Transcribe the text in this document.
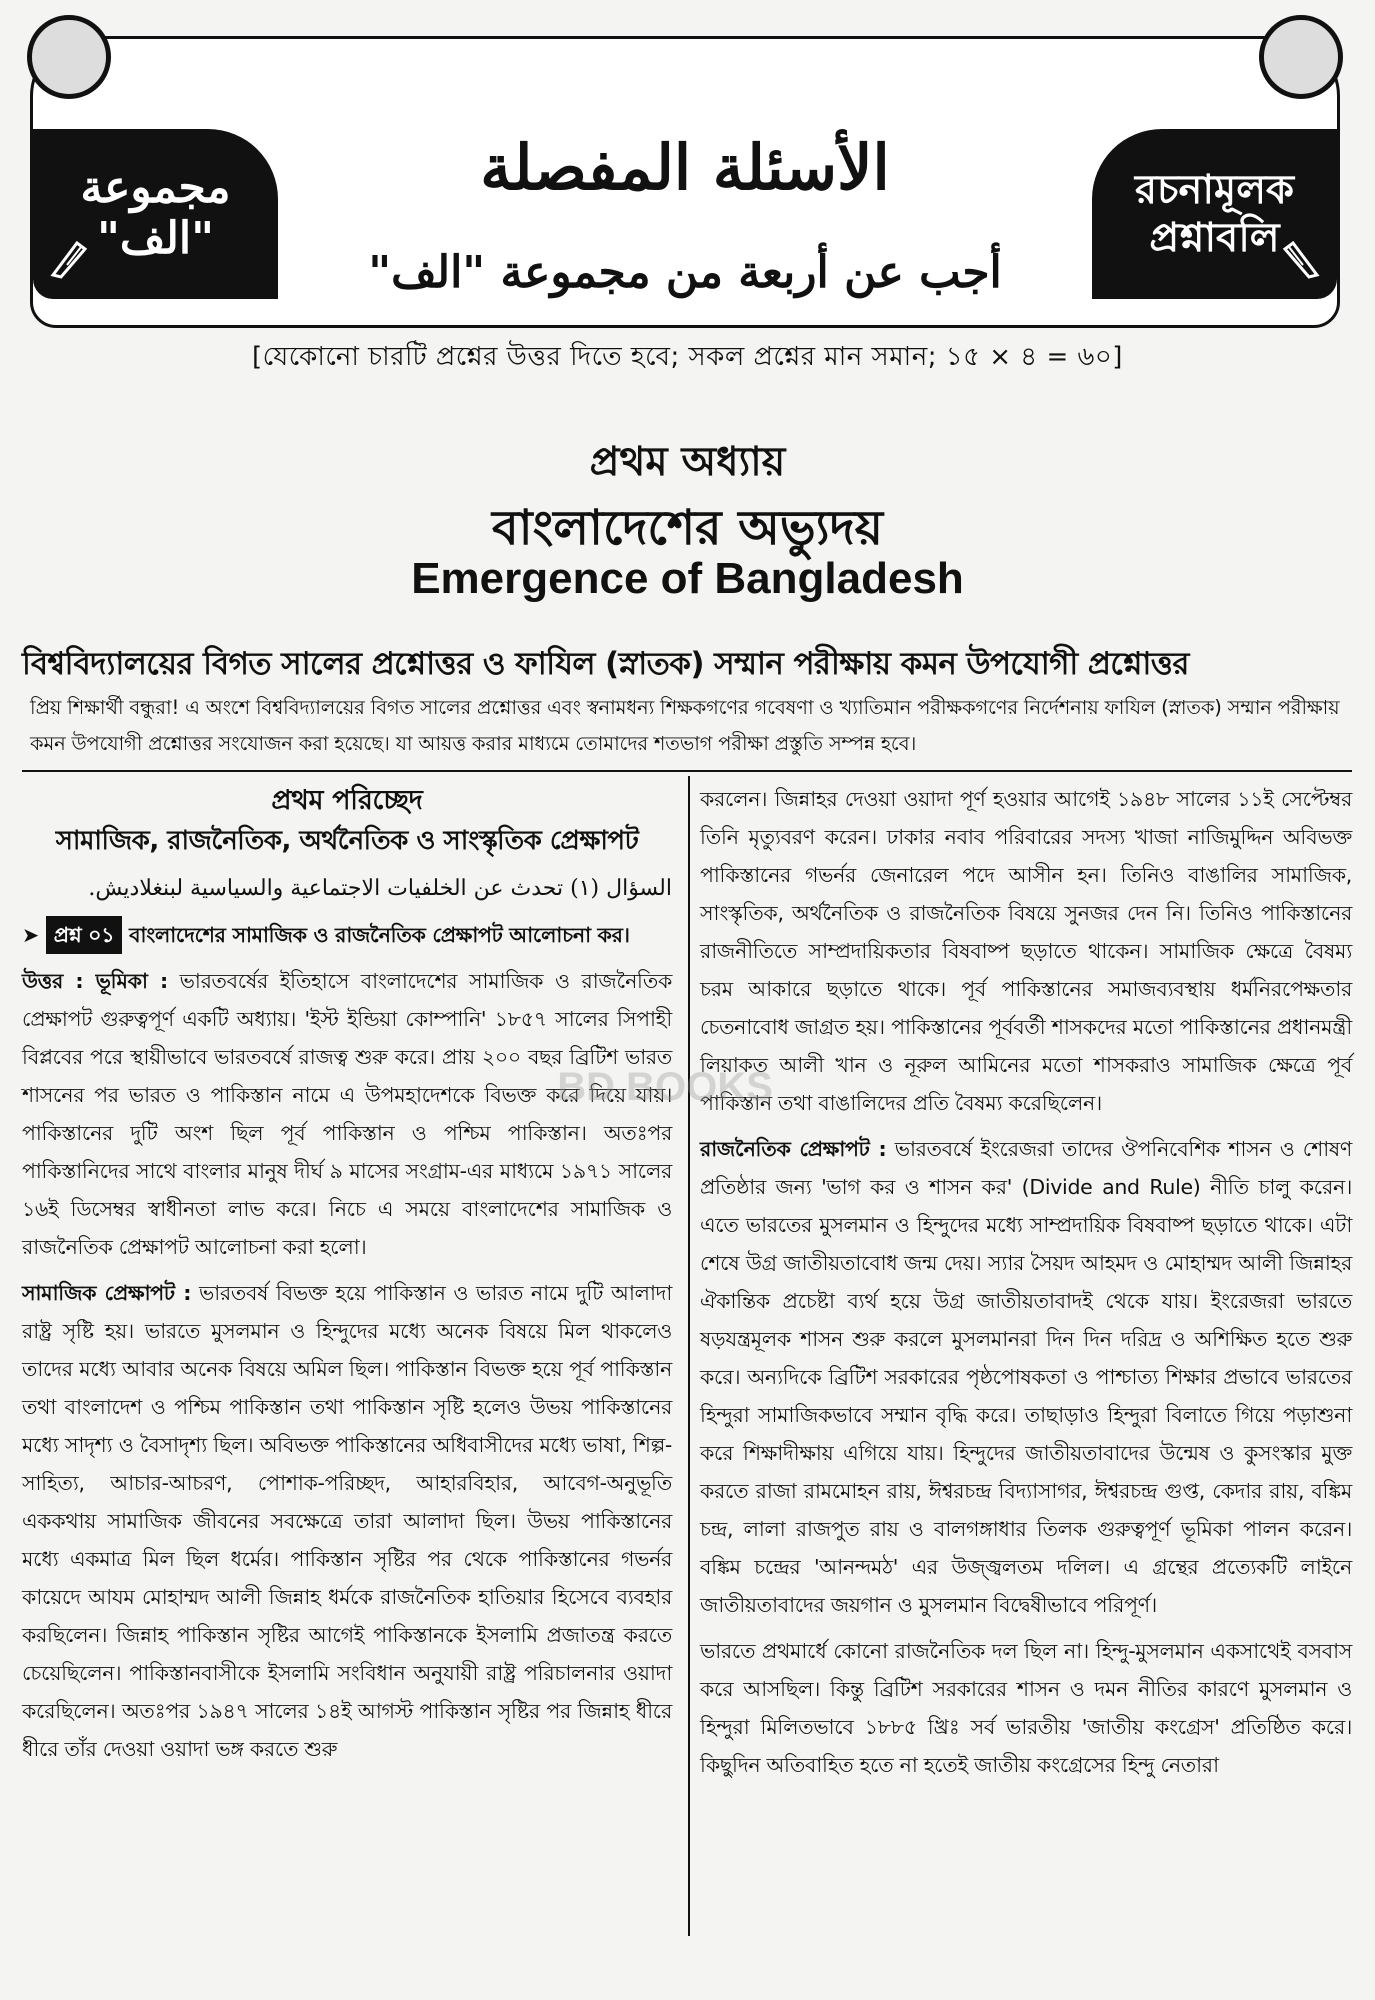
مجموعة
"الف"
الأسئلة المفصلة
أجب عن أربعة من مجموعة "الف"
রচনামূলক
প্রশ্নাবলি
[যেকোনো চারটি প্রশ্নের উত্তর দিতে হবে; সকল প্রশ্নের মান সমান; ১৫ × ৪ = ৬০]
প্রথম অধ্যায়
বাংলাদেশের অভ্যুদয়
Emergence of Bangladesh
বিশ্ববিদ্যালয়ের বিগত সালের প্রশ্নোত্তর ও ফাযিল (স্নাতক) সম্মান পরীক্ষায় কমন উপযোগী প্রশ্নোত্তর
প্রিয় শিক্ষার্থী বন্ধুরা! এ অংশে বিশ্ববিদ্যালয়ের বিগত সালের প্রশ্নোত্তর এবং স্বনামধন্য শিক্ষকগণের গবেষণা ও খ্যাতিমান পরীক্ষকগণের নির্দেশনায় ফাযিল (স্নাতক) সম্মান পরীক্ষায় কমন উপযোগী প্রশ্নোত্তর সংযোজন করা হয়েছে। যা আয়ত্ত করার মাধ্যমে তোমাদের শতভাগ পরীক্ষা প্রস্তুতি সম্পন্ন হবে।

প্রথম পরিচ্ছেদ

সামাজিক, রাজনৈতিক, অর্থনৈতিক ও সাংস্কৃতিক প্রেক্ষাপট

السؤال (١) تحدث عن الخلفيات الاجتماعية والسياسية لبنغلاديش.

➤ প্রশ্ন ০১ বাংলাদেশের সামাজিক ও রাজনৈতিক প্রেক্ষাপট আলোচনা কর।

উত্তর : ভূমিকা : ভারতবর্ষের ইতিহাসে বাংলাদেশের সামাজিক ও রাজনৈতিক প্রেক্ষাপট গুরুত্বপূর্ণ একটি অধ্যায়। 'ইস্ট ইন্ডিয়া কোম্পানি' ১৮৫৭ সালের সিপাহী বিপ্লবের পরে স্থায়ীভাবে ভারতবর্ষে রাজত্ব শুরু করে। প্রায় ২০০ বছর ব্রিটিশ ভারত শাসনের পর ভারত ও পাকিস্তান নামে এ উপমহাদেশকে বিভক্ত করে দিয়ে যায়। পাকিস্তানের দুটি অংশ ছিল পূর্ব পাকিস্তান ও পশ্চিম পাকিস্তান। অতঃপর পাকিস্তানিদের সাথে বাংলার মানুষ দীর্ঘ ৯ মাসের সংগ্রাম-এর মাধ্যমে ১৯৭১ সালের ১৬ই ডিসেম্বর স্বাধীনতা লাভ করে। নিচে এ সময়ে বাংলাদেশের সামাজিক ও রাজনৈতিক প্রেক্ষাপট আলোচনা করা হলো।

সামাজিক প্রেক্ষাপট : ভারতবর্ষ বিভক্ত হয়ে পাকিস্তান ও ভারত নামে দুটি আলাদা রাষ্ট্র সৃষ্টি হয়। ভারতে মুসলমান ও হিন্দুদের মধ্যে অনেক বিষয়ে মিল থাকলেও তাদের মধ্যে আবার অনেক বিষয়ে অমিল ছিল। পাকিস্তান বিভক্ত হয়ে পূর্ব পাকিস্তান তথা বাংলাদেশ ও পশ্চিম পাকিস্তান তথা পাকিস্তান সৃষ্টি হলেও উভয় পাকিস্তানের মধ্যে সাদৃশ্য ও বৈসাদৃশ্য ছিল। অবিভক্ত পাকিস্তানের অধিবাসীদের মধ্যে ভাষা, শিল্প-সাহিত্য, আচার-আচরণ, পোশাক-পরিচ্ছদ, আহারবিহার, আবেগ-অনুভূতি এককথায় সামাজিক জীবনের সবক্ষেত্রে তারা আলাদা ছিল। উভয় পাকিস্তানের মধ্যে একমাত্র মিল ছিল ধর্মের। পাকিস্তান সৃষ্টির পর থেকে পাকিস্তানের গভর্নর কায়েদে আযম মোহাম্মদ আলী জিন্নাহ ধর্মকে রাজনৈতিক হাতিয়ার হিসেবে ব্যবহার করছিলেন। জিন্নাহ পাকিস্তান সৃষ্টির আগেই পাকিস্তানকে ইসলামি প্রজাতন্ত্র করতে চেয়েছিলেন। পাকিস্তানবাসীকে ইসলামি সংবিধান অনুযায়ী রাষ্ট্র পরিচালনার ওয়াদা করেছিলেন। অতঃপর ১৯৪৭ সালের ১৪ই আগস্ট পাকিস্তান সৃষ্টির পর জিন্নাহ ধীরে ধীরে তাঁর দেওয়া ওয়াদা ভঙ্গ করতে শুরু

করলেন। জিন্নাহর দেওয়া ওয়াদা পূর্ণ হওয়ার আগেই ১৯৪৮ সালের ১১ই সেপ্টেম্বর তিনি মৃত্যুবরণ করেন। ঢাকার নবাব পরিবারের সদস্য খাজা নাজিমুদ্দিন অবিভক্ত পাকিস্তানের গভর্নর জেনারেল পদে আসীন হন। তিনিও বাঙালির সামাজিক, সাংস্কৃতিক, অর্থনৈতিক ও রাজনৈতিক বিষয়ে সুনজর দেন নি। তিনিও পাকিস্তানের রাজনীতিতে সাম্প্রদায়িকতার বিষবাষ্প ছড়াতে থাকেন। সামাজিক ক্ষেত্রে বৈষম্য চরম আকারে ছড়াতে থাকে। পূর্ব পাকিস্তানের সমাজব্যবস্থায় ধর্মনিরপেক্ষতার চেতনাবোধ জাগ্রত হয়। পাকিস্তানের পূর্ববর্তী শাসকদের মতো পাকিস্তানের প্রধানমন্ত্রী লিয়াকত আলী খান ও নূরুল আমিনের মতো শাসকরাও সামাজিক ক্ষেত্রে পূর্ব পাকিস্তান তথা বাঙালিদের প্রতি বৈষম্য করেছিলেন।

রাজনৈতিক প্রেক্ষাপট : ভারতবর্ষে ইংরেজরা তাদের ঔপনিবেশিক শাসন ও শোষণ প্রতিষ্ঠার জন্য 'ভাগ কর ও শাসন কর' (Divide and Rule) নীতি চালু করেন। এতে ভারতের মুসলমান ও হিন্দুদের মধ্যে সাম্প্রদায়িক বিষবাষ্প ছড়াতে থাকে। এটা শেষে উগ্র জাতীয়তাবোধ জন্ম দেয়। স্যার সৈয়দ আহমদ ও মোহাম্মদ আলী জিন্নাহর ঐকান্তিক প্রচেষ্টা ব্যর্থ হয়ে উগ্র জাতীয়তাবাদই থেকে যায়। ইংরেজরা ভারতে ষড়যন্ত্রমূলক শাসন শুরু করলে মুসলমানরা দিন দিন দরিদ্র ও অশিক্ষিত হতে শুরু করে। অন্যদিকে ব্রিটিশ সরকারের পৃষ্ঠপোষকতা ও পাশ্চাত্য শিক্ষার প্রভাবে ভারতের হিন্দুরা সামাজিকভাবে সম্মান বৃদ্ধি করে। তাছাড়াও হিন্দুরা বিলাতে গিয়ে পড়াশুনা করে শিক্ষাদীক্ষায় এগিয়ে যায়। হিন্দুদের জাতীয়তাবাদের উন্মেষ ও কুসংস্কার মুক্ত করতে রাজা রামমোহন রায়, ঈশ্বরচন্দ্র বিদ্যাসাগর, ঈশ্বরচন্দ্র গুপ্ত, কেদার রায়, বঙ্কিম চন্দ্র, লালা রাজপুত রায় ও বালগঙ্গাধার তিলক গুরুত্বপূর্ণ ভূমিকা পালন করেন। বঙ্কিম চন্দ্রের 'আনন্দমঠ' এর উজ্জ্বলতম দলিল। এ গ্রন্থের প্রত্যেকটি লাইনে জাতীয়তাবাদের জয়গান ও মুসলমান বিদ্বেষীভাবে পরিপূর্ণ।

ভারতে প্রথমার্ধে কোনো রাজনৈতিক দল ছিল না। হিন্দু-মুসলমান একসাথেই বসবাস করে আসছিল। কিন্তু ব্রিটিশ সরকারের শাসন ও দমন নীতির কারণে মুসলমান ও হিন্দুরা মিলিতভাবে ১৮৮৫ খ্রিঃ সর্ব ভারতীয় 'জাতীয় কংগ্রেস' প্রতিষ্ঠিত করে। কিছুদিন অতিবাহিত হতে না হতেই জাতীয় কংগ্রেসের হিন্দু নেতারা

BD BOOKS
